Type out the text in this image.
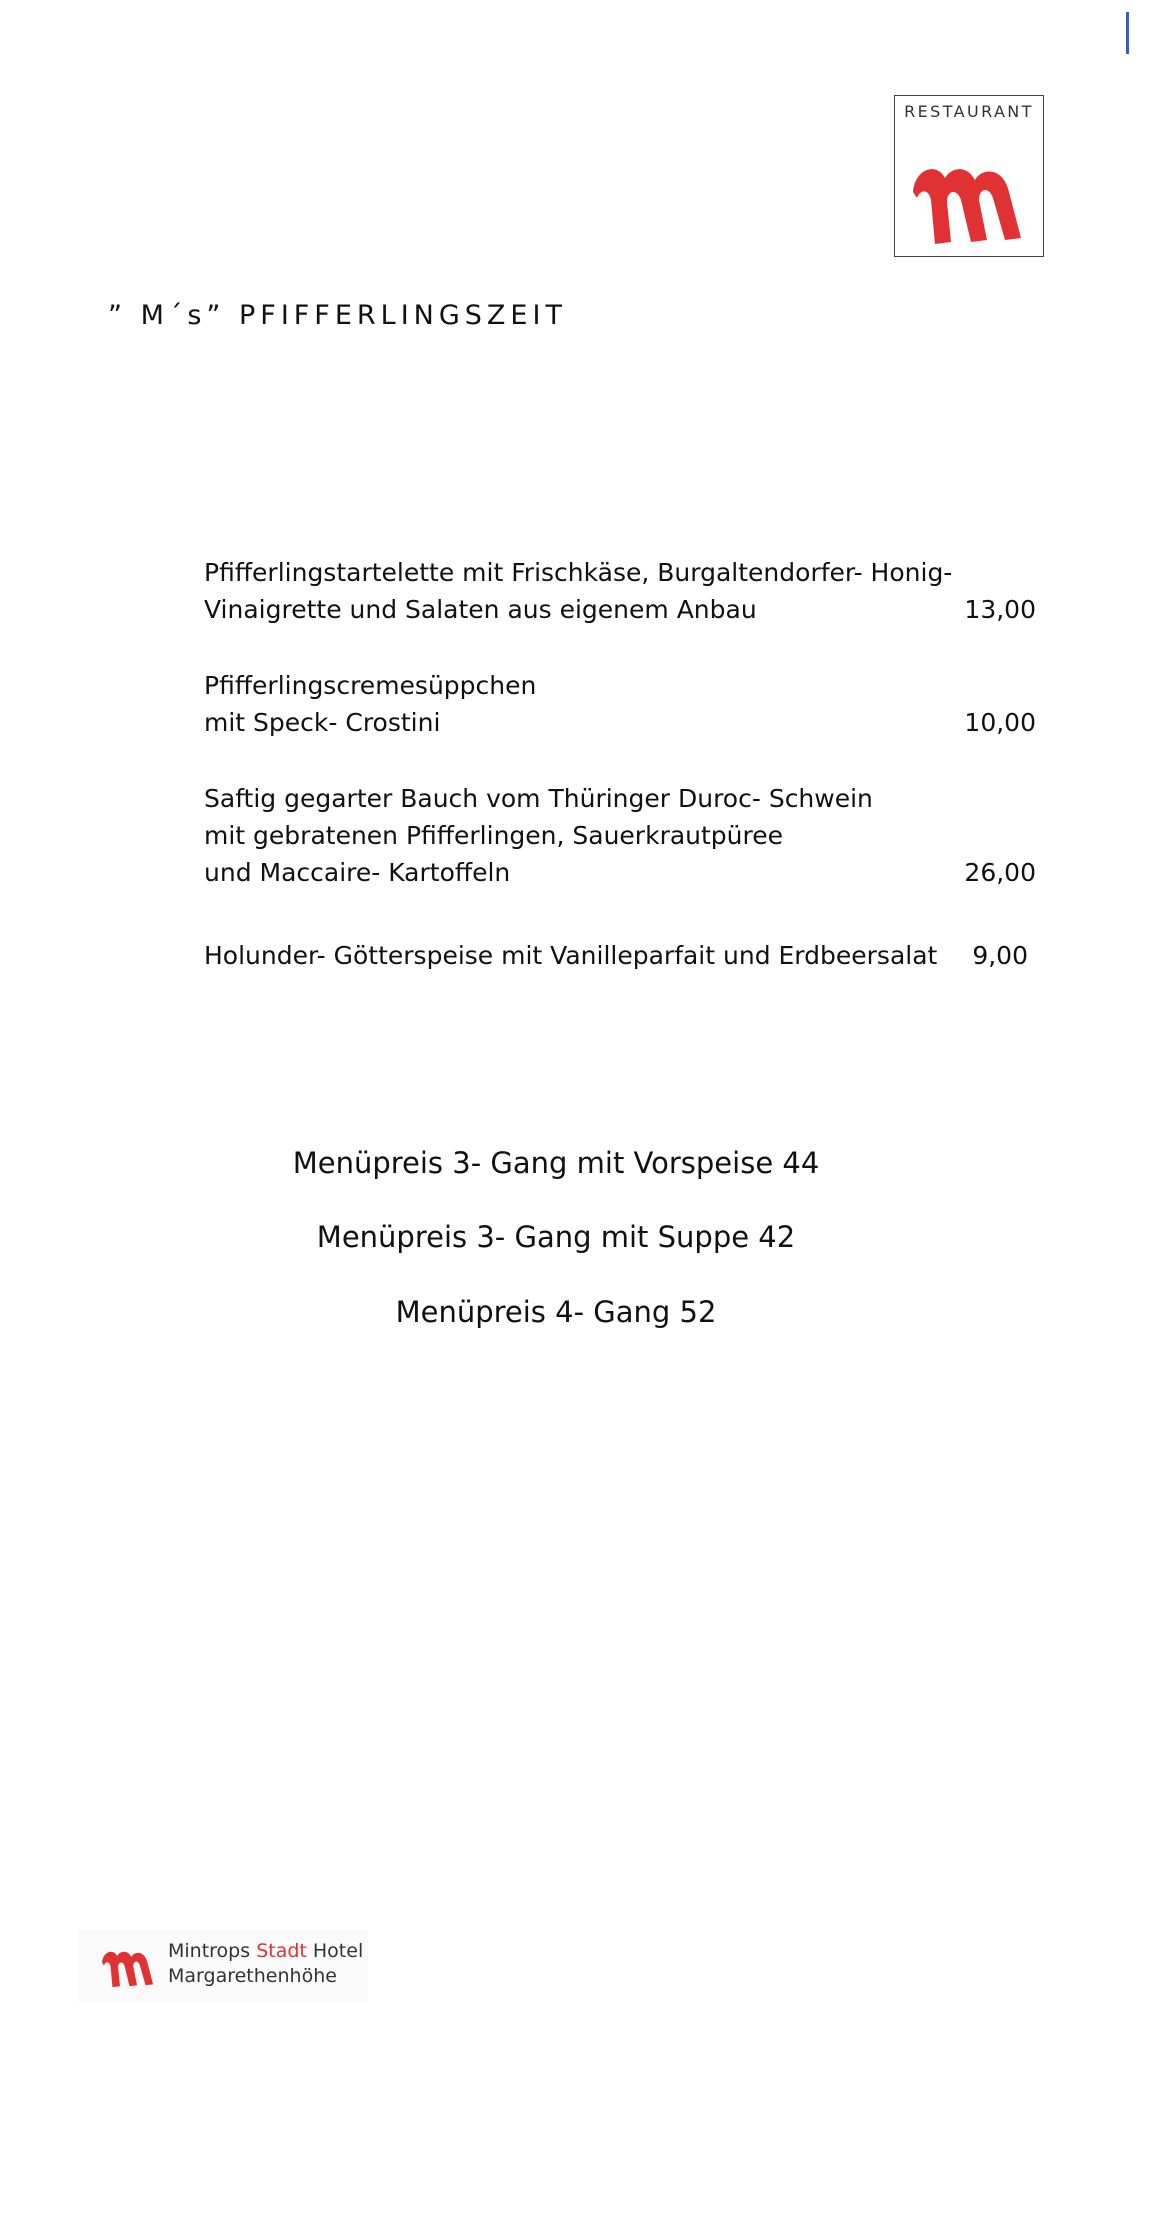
RESTAURANT
” M´s” PFIFFERLINGSZEIT
Pfifferlingstartelette mit Frischkäse, Burgaltendorfer- Honig-
Vinaigrette und Salaten aus eigenem Anbau	13,00
Pfifferlingscremesüppchen
mit Speck- Crostini	10,00
Saftig gegarter Bauch vom Thüringer Duroc- Schwein
mit gebratenen Pfifferlingen, Sauerkrautpüree
und Maccaire- Kartoffeln	26,00
Holunder- Götterspeise mit Vanilleparfait und Erdbeersalat	9,00
Menüpreis 3- Gang mit Vorspeise 44
Menüpreis 3- Gang mit Suppe 42
Menüpreis 4- Gang 52
Mintrops Stadt Hotel
Margarethenhöhe
